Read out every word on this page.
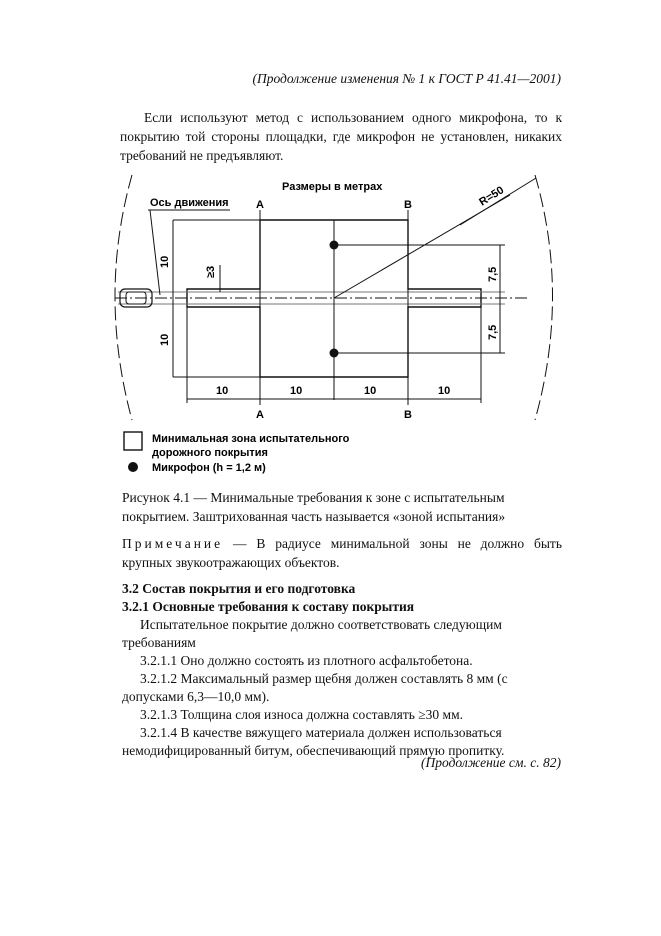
(Продолжение изменения № 1 к ГОСТ Р 41.41—2001)
Если используют метод с использованием одного микрофона, то к покрытию той стороны площадки, где микрофон не установлен, никаких требований не предъявляют.
Ось движения A	B
A	B
Размеры в метрах	R=50
10
10
≥3	7,5
7,5
10	10	10	10
Минимальная зона испытательного
дорожного покрытия
Микрофон (h = 1,2 м)
Рисунок 4.1 — Минимальные требования к зоне с испытательным
покрытием. Заштрихованная часть называется «зоной испытания»
Примечание — В радиусе минимальной зоны не должно быть крупных звукоотражающих объектов.
3.2 Состав покрытия и его подготовка
3.2.1 Основные требования к составу покрытия
Испытательное покрытие должно соответствовать следующим требованиям
3.2.1.1 Оно должно состоять из плотного асфальтобетона.
3.2.1.2 Максимальный размер щебня должен составлять 8 мм (с допусками 6,3—10,0 мм).
3.2.1.3 Толщина слоя износа должна составлять ≥30 мм.
3.2.1.4 В качестве вяжущего материала должен использоваться немодифицированный битум, обеспечивающий прямую пропитку.
(Продолжение см. с. 82)
